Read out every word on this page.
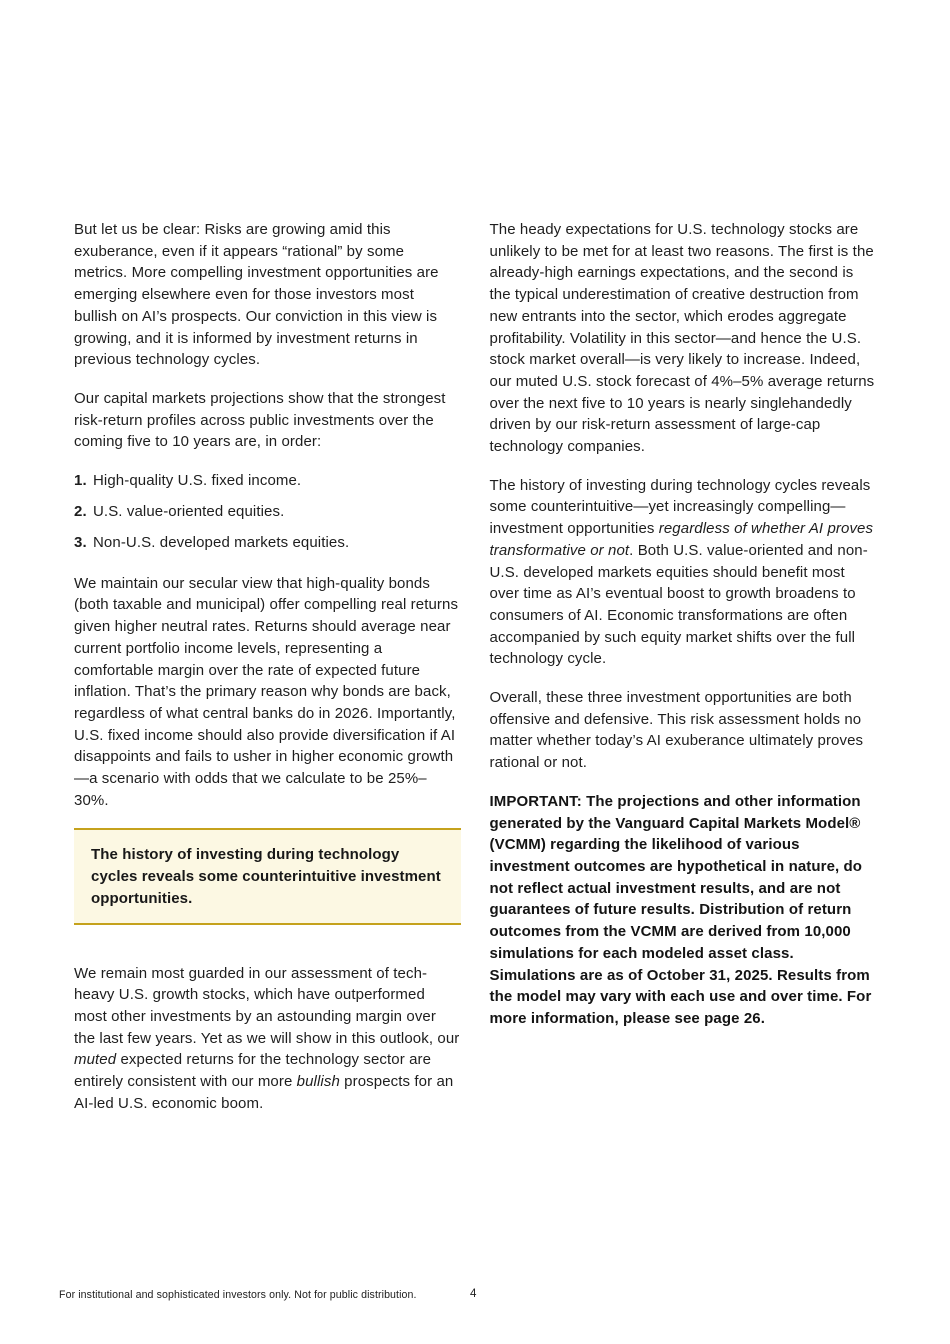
But let us be clear: Risks are growing amid this exuberance, even if it appears “rational” by some metrics. More compelling investment opportunities are emerging elsewhere even for those investors most bullish on AI’s prospects. Our conviction in this view is growing, and it is informed by investment returns in previous technology cycles.

Our capital markets projections show that the strongest risk-return profiles across public investments over the coming five to 10 years are, in order:

1. High-quality U.S. fixed income.
2. U.S. value-oriented equities.
3. Non-U.S. developed markets equities.

We maintain our secular view that high-quality bonds (both taxable and municipal) offer compelling real returns given higher neutral rates. Returns should average near current portfolio income levels, representing a comfortable margin over the rate of expected future inflation. That’s the primary reason why bonds are back, regardless of what central banks do in 2026. Importantly, U.S. fixed income should also provide diversification if AI disappoints and fails to usher in higher economic growth—a scenario with odds that we calculate to be 25%–30%.

The history of investing during technology cycles reveals some counterintuitive investment opportunities.

We remain most guarded in our assessment of tech-heavy U.S. growth stocks, which have outperformed most other investments by an astounding margin over the last few years. Yet as we will show in this outlook, our muted expected returns for the technology sector are entirely consistent with our more bullish prospects for an AI-led U.S. economic boom.

The heady expectations for U.S. technology stocks are unlikely to be met for at least two reasons. The first is the already-high earnings expectations, and the second is the typical underestimation of creative destruction from new entrants into the sector, which erodes aggregate profitability. Volatility in this sector—and hence the U.S. stock market overall—is very likely to increase. Indeed, our muted U.S. stock forecast of 4%–5% average returns over the next five to 10 years is nearly singlehandedly driven by our risk-return assessment of large-cap technology companies.

The history of investing during technology cycles reveals some counterintuitive—yet increasingly compelling—investment opportunities regardless of whether AI proves transformative or not. Both U.S. value-oriented and non-U.S. developed markets equities should benefit most over time as AI’s eventual boost to growth broadens to consumers of AI. Economic transformations are often accompanied by such equity market shifts over the full technology cycle.

Overall, these three investment opportunities are both offensive and defensive. This risk assessment holds no matter whether today’s AI exuberance ultimately proves rational or not.

IMPORTANT: The projections and other information generated by the Vanguard Capital Markets Model® (VCMM) regarding the likelihood of various investment outcomes are hypothetical in nature, do not reflect actual investment results, and are not guarantees of future results. Distribution of return outcomes from the VCMM are derived from 10,000 simulations for each modeled asset class. Simulations are as of October 31, 2025. Results from the model may vary with each use and over time. For more information, please see page 26.

For institutional and sophisticated investors only. Not for public distribution.	4
